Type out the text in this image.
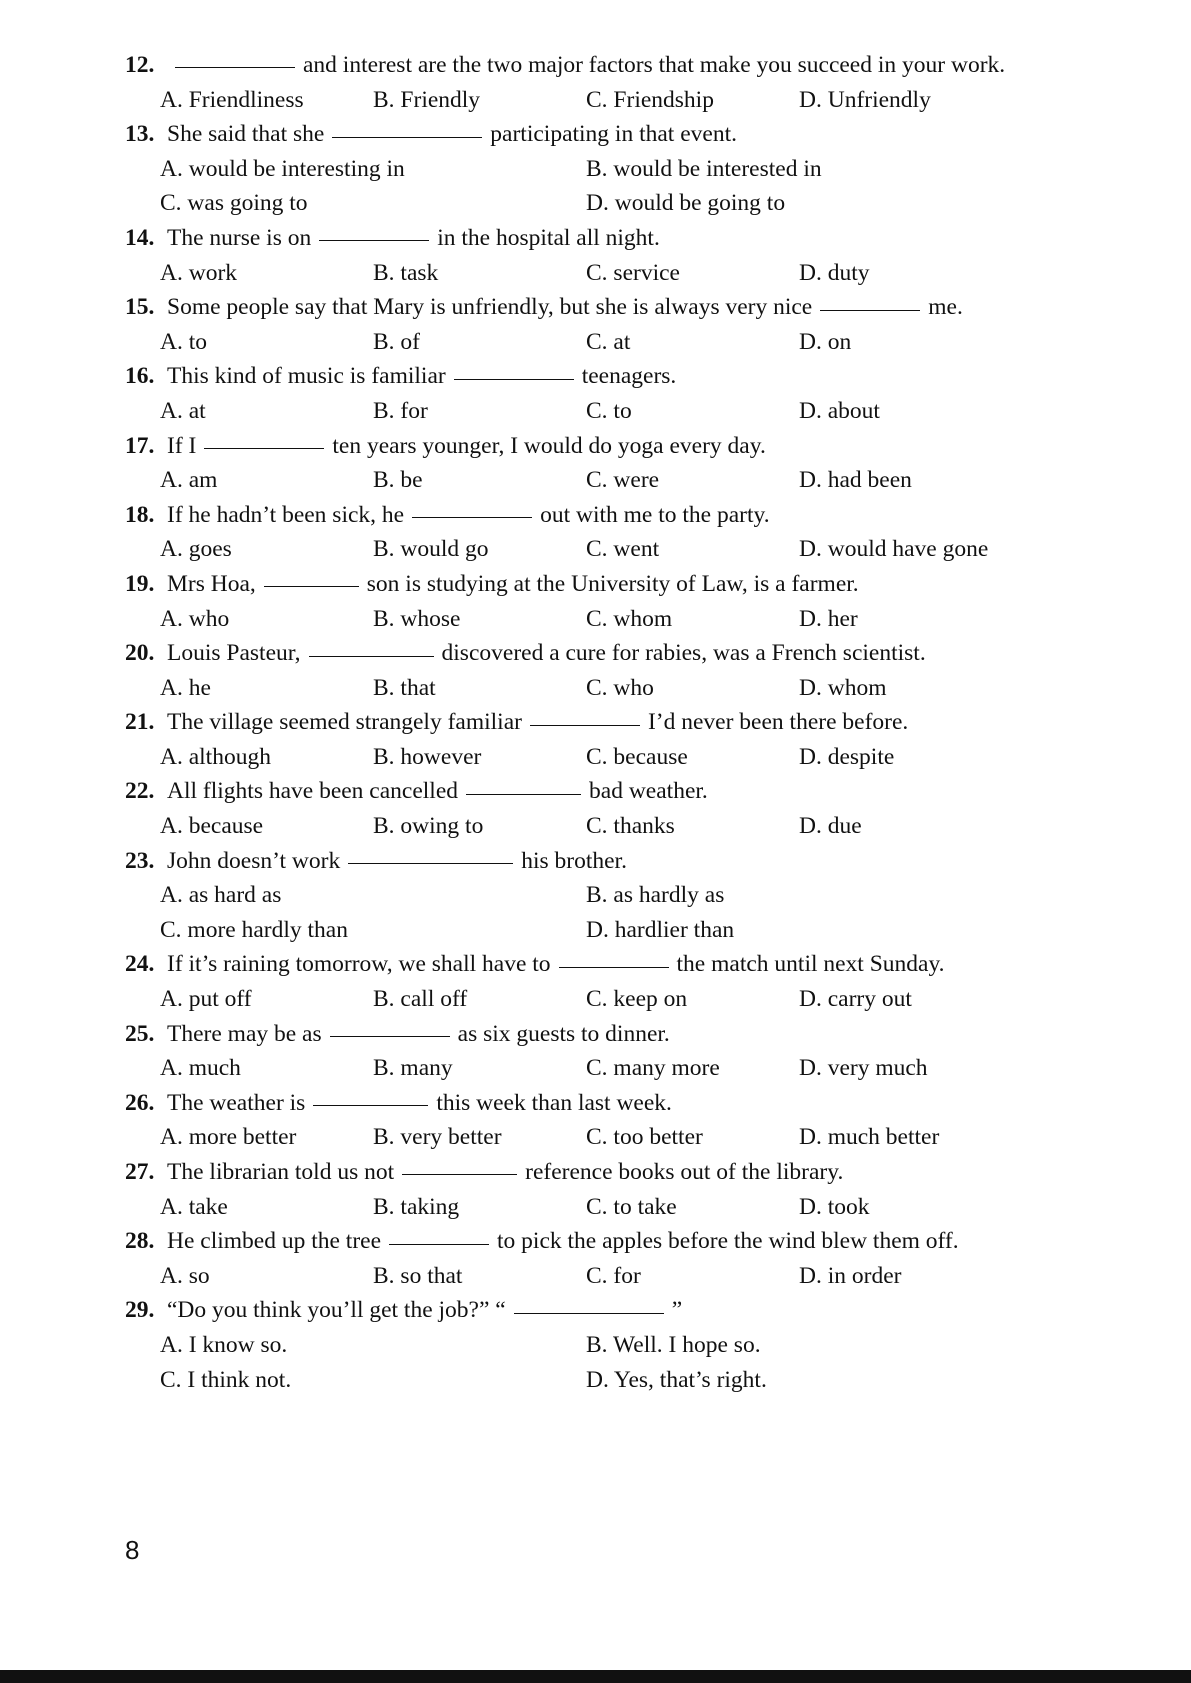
12.	and interest are the two major factors that make you succeed in your work.
A. Friendliness	B. Friendly	C. Friendship	D. Unfriendly
13. She said that she	participating in that event.
A. would be interesting in	B. would be interested in
C. was going to	D. would be going to
14. The nurse is on	in the hospital all night.
A. work	B. task	C. service	D. duty
15. Some people say that Mary is unfriendly, but she is always very nice	me.
A. to	B. of	C. at	D. on
16. This kind of music is familiar	teenagers.
A. at	B. for	C. to	D. about
17. If I	ten years younger, I would do yoga every day.
A. am	B. be	C. were	D. had been
18. If he hadn’t been sick, he	out with me to the party.
A. goes	B. would go	C. went	D. would have gone
19. Mrs Hoa,	son is studying at the University of Law, is a farmer.
A. who	B. whose	C. whom	D. her
20. Louis Pasteur,	discovered a cure for rabies, was a French scientist.
A. he	B. that	C. who	D. whom
21. The village seemed strangely familiar	I’d never been there before.
A. although	B. however	C. because	D. despite
22. All flights have been cancelled	bad weather.
A. because	B. owing to	C. thanks	D. due
23. John doesn’t work	his brother.
A. as hard as	B. as hardly as
C. more hardly than	D. hardlier than
24. If it’s raining tomorrow, we shall have to	the match until next Sunday.
A. put off	B. call off	C. keep on	D. carry out
25. There may be as	as six guests to dinner.
A. much	B. many	C. many more	D. very much
26. The weather is	this week than last week.
A. more better	B. very better	C. too better	D. much better
27. The librarian told us not	reference books out of the library.
A. take	B. taking	C. to take	D. took
28. He climbed up the tree	to pick the apples before the wind blew them off.
A. so	B. so that	C. for	D. in order
29. “Do you think you’ll get the job?” “	”
A. I know so.	B. Well. I hope so.
C. I think not.	D. Yes, that’s right.
8
